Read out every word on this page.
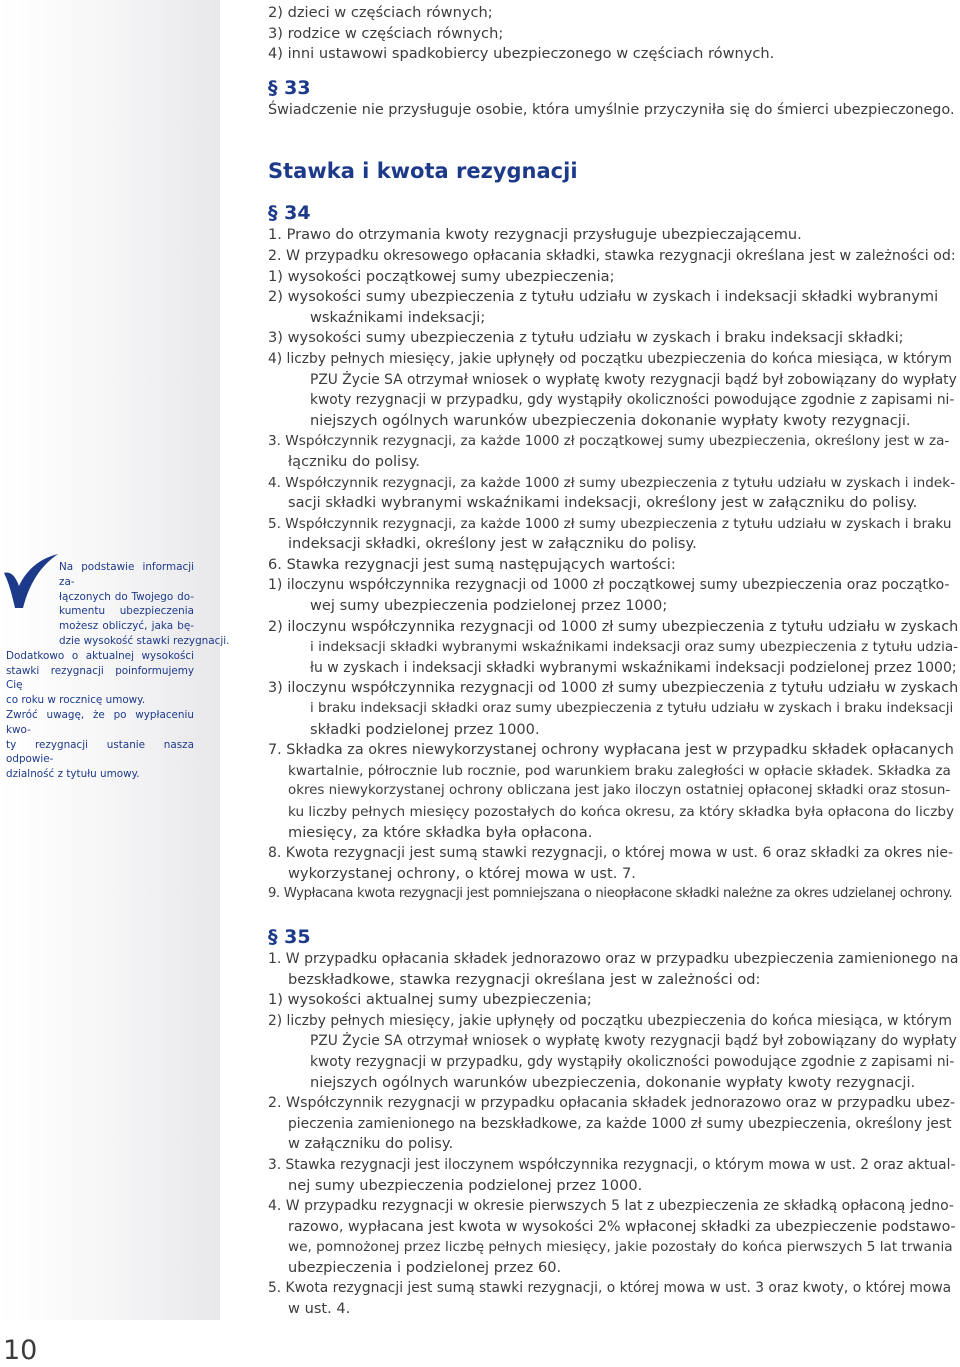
Na podstawie informacji za-
łączonych do Twojego do-
kumentu ubezpieczenia
możesz obliczyć, jaka bę-
dzie wysokość stawki rezygnacji.
Dodatkowo o aktualnej wysokości
stawki rezygnacji poinformujemy Cię
co roku w rocznicę umowy.
Zwróć uwagę, że po wypłaceniu kwo-
ty rezygnacji ustanie nasza odpowie-
dzialność z tytułu umowy.
10
2) dzieci w częściach równych;
3) rodzice w częściach równych;
4) inni ustawowi spadkobiercy ubezpieczonego w częściach równych.
§ 33
Świadczenie nie przysługuje osobie, która umyślnie przyczyniła się do śmierci ubezpieczonego.
Stawka i kwota rezygnacji
§ 34
1. Prawo do otrzymania kwoty rezygnacji przysługuje ubezpieczającemu.
2. W przypadku okresowego opłacania składki, stawka rezygnacji określana jest w zależności od:
1) wysokości początkowej sumy ubezpieczenia;
2) wysokości sumy ubezpieczenia z tytułu udziału w zyskach i indeksacji składki wybranymi
wskaźnikami indeksacji;
3) wysokości sumy ubezpieczenia z tytułu udziału w zyskach i braku indeksacji składki;
4) liczby pełnych miesięcy, jakie upłynęły od początku ubezpieczenia do końca miesiąca, w którym
PZU Życie SA otrzymał wniosek o wypłatę kwoty rezygnacji bądź był zobowiązany do wypłaty
kwoty rezygnacji w przypadku, gdy wystąpiły okoliczności powodujące zgodnie z zapisami ni-
niejszych ogólnych warunków ubezpieczenia dokonanie wypłaty kwoty rezygnacji.
3. Współczynnik rezygnacji, za każde 1000 zł początkowej sumy ubezpieczenia, określony jest w za-
łączniku do polisy.
4. Współczynnik rezygnacji, za każde 1000 zł sumy ubezpieczenia z tytułu udziału w zyskach i indek-
sacji składki wybranymi wskaźnikami indeksacji, określony jest w załączniku do polisy.
5. Współczynnik rezygnacji, za każde 1000 zł sumy ubezpieczenia z tytułu udziału w zyskach i braku
indeksacji składki, określony jest w załączniku do polisy.
6. Stawka rezygnacji jest sumą następujących wartości:
1) iloczynu współczynnika rezygnacji od 1000 zł początkowej sumy ubezpieczenia oraz początko-
wej sumy ubezpieczenia podzielonej przez 1000;
2) iloczynu współczynnika rezygnacji od 1000 zł sumy ubezpieczenia z tytułu udziału w zyskach
i indeksacji składki wybranymi wskaźnikami indeksacji oraz sumy ubezpieczenia z tytułu udzia-
łu w zyskach i indeksacji składki wybranymi wskaźnikami indeksacji podzielonej przez 1000;
3) iloczynu współczynnika rezygnacji od 1000 zł sumy ubezpieczenia z tytułu udziału w zyskach
i braku indeksacji składki oraz sumy ubezpieczenia z tytułu udziału w zyskach i braku indeksacji
składki podzielonej przez 1000.
7. Składka za okres niewykorzystanej ochrony wypłacana jest w przypadku składek opłacanych
kwartalnie, półrocznie lub rocznie, pod warunkiem braku zaległości w opłacie składek. Składka za
okres niewykorzystanej ochrony obliczana jest jako iloczyn ostatniej opłaconej składki oraz stosun-
ku liczby pełnych miesięcy pozostałych do końca okresu, za który składka była opłacona do liczby
miesięcy, za które składka była opłacona.
8. Kwota rezygnacji jest sumą stawki rezygnacji, o której mowa w ust. 6 oraz składki za okres nie-
wykorzystanej ochrony, o której mowa w ust. 7.
9. Wypłacana kwota rezygnacji jest pomniejszana o nieopłacone składki należne za okres udzielanej ochrony.
§ 35
1. W przypadku opłacania składek jednorazowo oraz w przypadku ubezpieczenia zamienionego na
bezskładkowe, stawka rezygnacji określana jest w zależności od:
1) wysokości aktualnej sumy ubezpieczenia;
2) liczby pełnych miesięcy, jakie upłynęły od początku ubezpieczenia do końca miesiąca, w którym
PZU Życie SA otrzymał wniosek o wypłatę kwoty rezygnacji bądź był zobowiązany do wypłaty
kwoty rezygnacji w przypadku, gdy wystąpiły okoliczności powodujące zgodnie z zapisami ni-
niejszych ogólnych warunków ubezpieczenia, dokonanie wypłaty kwoty rezygnacji.
2. Współczynnik rezygnacji w przypadku opłacania składek jednorazowo oraz w przypadku ubez-
pieczenia zamienionego na bezskładkowe, za każde 1000 zł sumy ubezpieczenia, określony jest
w załączniku do polisy.
3. Stawka rezygnacji jest iloczynem współczynnika rezygnacji, o którym mowa w ust. 2 oraz aktual-
nej sumy ubezpieczenia podzielonej przez 1000.
4. W przypadku rezygnacji w okresie pierwszych 5 lat z ubezpieczenia ze składką opłaconą jedno-
razowo, wypłacana jest kwota w wysokości 2% wpłaconej składki za ubezpieczenie podstawo-
we, pomnożonej przez liczbę pełnych miesięcy, jakie pozostały do końca pierwszych 5 lat trwania
ubezpieczenia i podzielonej przez 60.
5. Kwota rezygnacji jest sumą stawki rezygnacji, o której mowa w ust. 3 oraz kwoty, o której mowa
w ust. 4.
